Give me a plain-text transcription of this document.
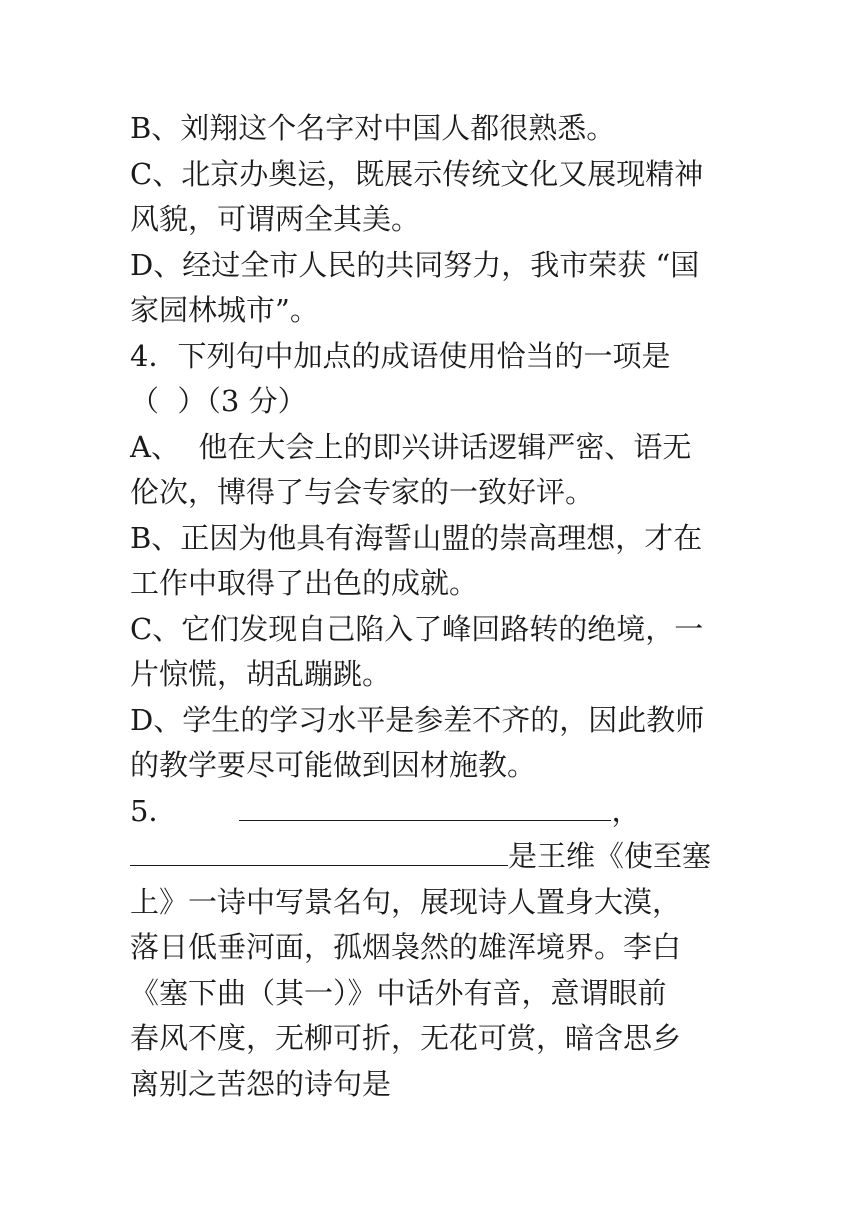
B、刘翔这个名字对中国人都很熟悉。
C、北京办奥运，既展示传统文化又展现精神
风貌，可谓两全其美。
D、经过全市人民的共同努力，我市荣获 “国
家园林城市”。
4．下列句中加点的成语使用恰当的一项是
（  ）（3 分）
A、  他在大会上的即兴讲话逻辑严密、语无
伦次，博得了与会专家的一致好评。
B、正因为他具有海誓山盟的崇高理想，才在
工作中取得了出色的成就。
C、它们发现自己陷入了峰回路转的绝境，一
片惊慌，胡乱蹦跳。
D、学生的学习水平是参差不齐的，因此教师
的教学要尽可能做到因材施教。
5．	，
是王维《使至塞
上》一诗中写景名句，展现诗人置身大漠，
落日低垂河面，孤烟袅然的雄浑境界。李白
《塞下曲（其一）》中话外有音，意谓眼前
春风不度，无柳可折，无花可赏，暗含思乡
离别之苦怨的诗句是
